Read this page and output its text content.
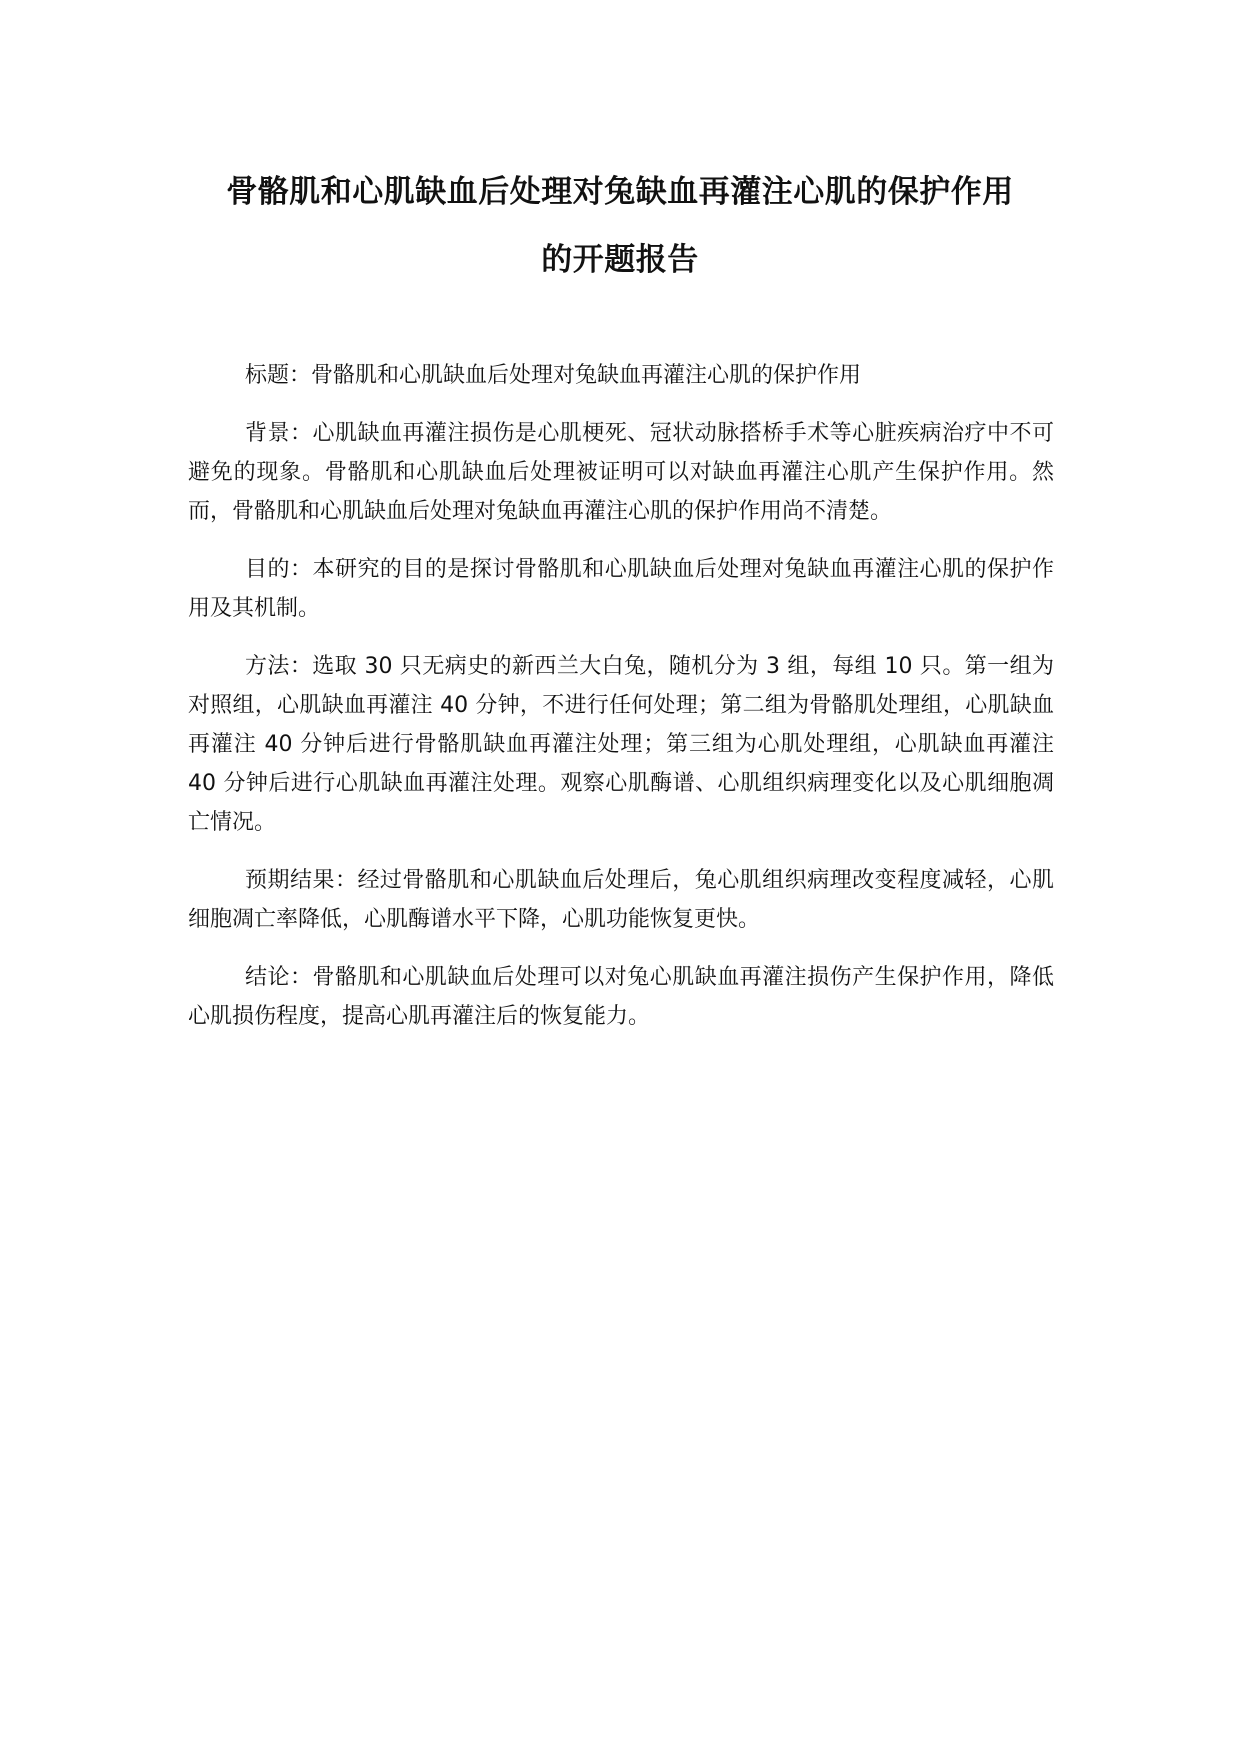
骨骼肌和心肌缺血后处理对兔缺血再灌注心肌的保护作用
的开题报告

标题：骨骼肌和心肌缺血后处理对兔缺血再灌注心肌的保护作用

背景：心肌缺血再灌注损伤是心肌梗死、冠状动脉搭桥手术等心脏疾病治疗中不可避免的现象。骨骼肌和心肌缺血后处理被证明可以对缺血再灌注心肌产生保护作用。然而，骨骼肌和心肌缺血后处理对兔缺血再灌注心肌的保护作用尚不清楚。

目的：本研究的目的是探讨骨骼肌和心肌缺血后处理对兔缺血再灌注心肌的保护作用及其机制。

方法：选取 30 只无病史的新西兰大白兔，随机分为 3 组，每组 10 只。第一组为对照组，心肌缺血再灌注 40 分钟，不进行任何处理；第二组为骨骼肌处理组，心肌缺血再灌注 40 分钟后进行骨骼肌缺血再灌注处理；第三组为心肌处理组，心肌缺血再灌注 40 分钟后进行心肌缺血再灌注处理。观察心肌酶谱、心肌组织病理变化以及心肌细胞凋亡情况。

预期结果：经过骨骼肌和心肌缺血后处理后，兔心肌组织病理改变程度减轻，心肌细胞凋亡率降低，心肌酶谱水平下降，心肌功能恢复更快。

结论：骨骼肌和心肌缺血后处理可以对兔心肌缺血再灌注损伤产生保护作用，降低心肌损伤程度，提高心肌再灌注后的恢复能力。
